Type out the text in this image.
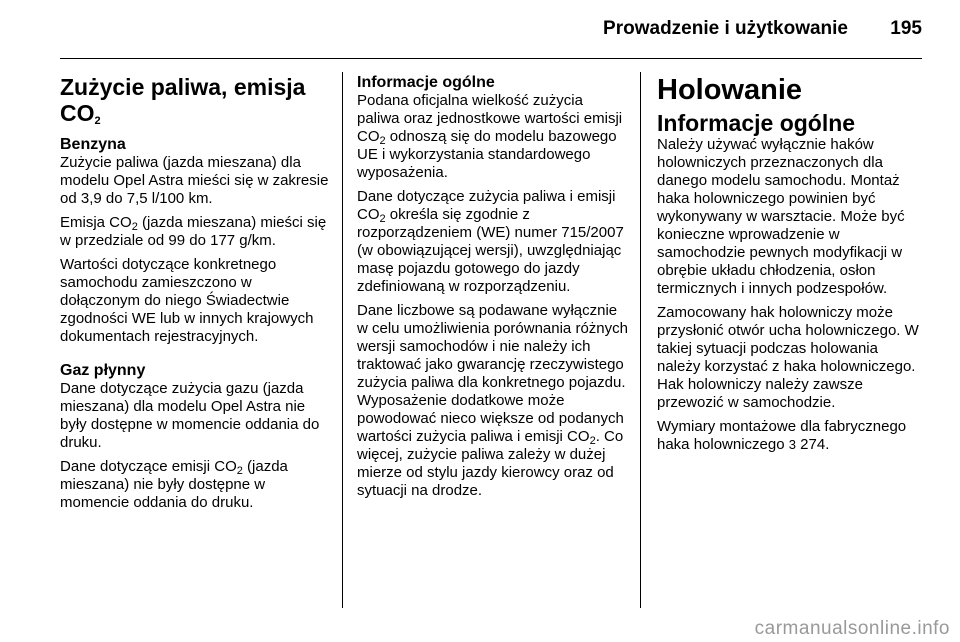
Prowadzenie i użytkowanie 195
Zużycie paliwa, emisja
$CO_2$
Benzyna

Zużycie paliwa (jazda mieszana) dla modelu Opel Astra mieści się w zakresie od 3,9 do 7,5 l/100 km.

Emisja $CO_2$ (jazda mieszana) mieści się w przedziale od 99 do 177 g/km.

Wartości dotyczące konkretnego samochodu zamieszczono w dołączonym do niego Świadectwie zgodności WE lub w innych krajowych dokumentach rejestracyjnych.

Gaz płynny

Dane dotyczące zużycia gazu (jazda mieszana) dla modelu Opel Astra nie były dostępne w momencie oddania do druku.

Dane dotyczące emisji $CO_2$ (jazda mieszana) nie były dostępne w momencie oddania do druku.

Informacje ogólne

Podana oficjalna wielkość zużycia paliwa oraz jednostkowe wartości emisji $CO_2$ odnoszą się do modelu bazowego UE i wykorzystania standardowego wyposażenia.

Dane dotyczące zużycia paliwa i emisji $CO_2$ określa się zgodnie z rozporządzeniem (WE) numer 715/2007 (w obowiązującej wersji), uwzględniając masę pojazdu gotowego do jazdy zdefiniowaną w rozporządzeniu.

Dane liczbowe są podawane wyłącznie w celu umożliwienia porównania różnych wersji samochodów i nie należy ich traktować jako gwarancję rzeczywistego zużycia paliwa dla konkretnego pojazdu. Wyposażenie dodatkowe może powodować nieco większe od podanych wartości zużycia paliwa i emisji $CO_2$. Co więcej, zużycie paliwa zależy w dużej mierze od stylu jazdy kierowcy oraz od sytuacji na drodze.

Holowanie
Informacje ogólne

Należy używać wyłącznie haków holowniczych przeznaczonych dla danego modelu samochodu. Montaż haka holowniczego powinien być wykonywany w warsztacie. Może być konieczne wprowadzenie w samochodzie pewnych modyfikacji w obrębie układu chłodzenia, osłon termicznych i innych podzespołów.

Zamocowany hak holowniczy może przysłonić otwór ucha holowniczego. W takiej sytuacji podczas holowania należy korzystać z haka holowniczego. Hak holowniczy należy zawsze przewozić w samochodzie.

Wymiary montażowe dla fabrycznego haka holowniczego 3 274.

carmanualsonline.info
